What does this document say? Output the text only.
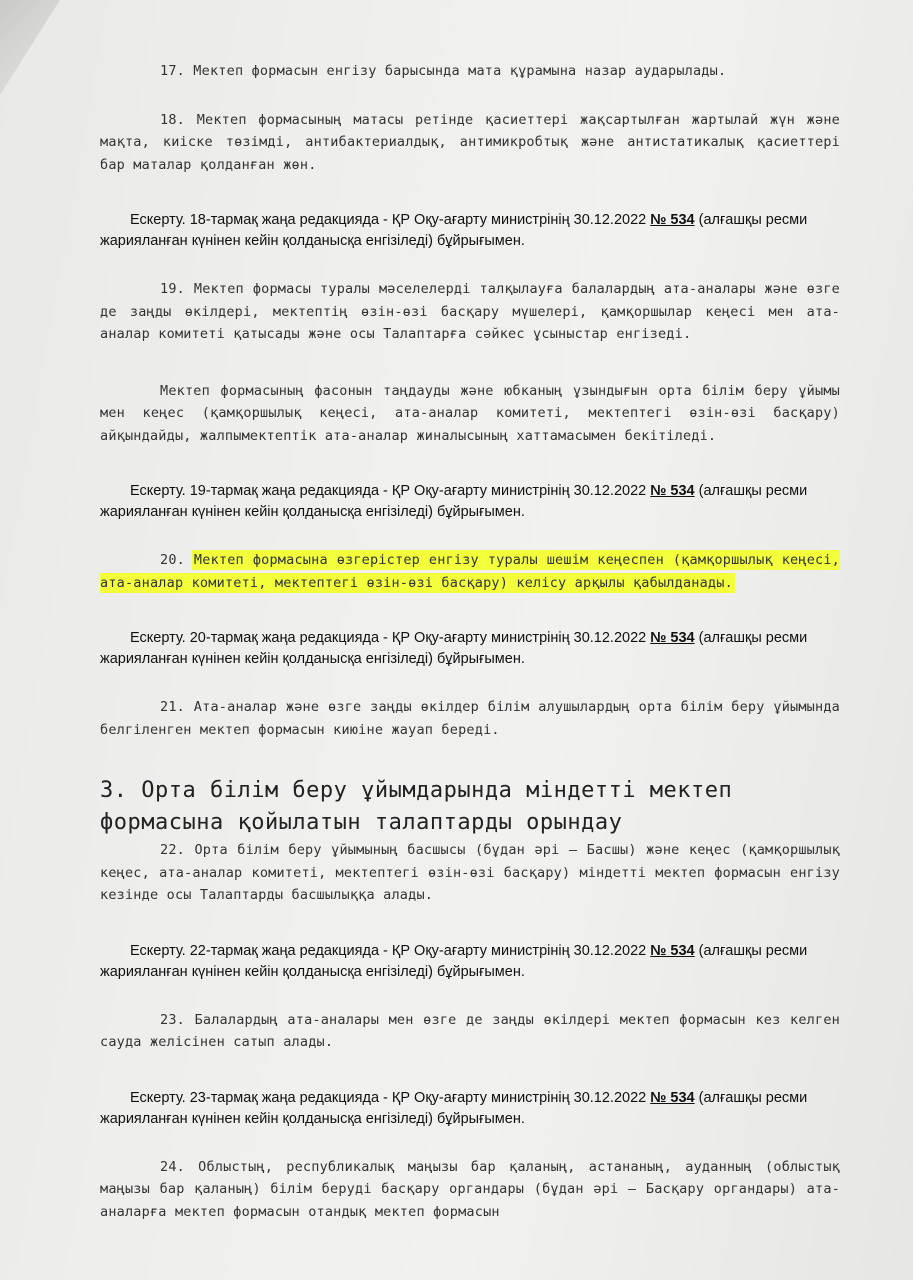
17. Мектеп формасын енгізу барысында мата құрамына назар аударылады.

18. Мектеп формасының матасы ретінде қасиеттері жақсартылған жартылай жүн және мақта, киіске төзімді, антибактериалдық, антимикробтық және антистатикалық қасиеттері бар маталар қолданған жөн.

Ескерту. 18-тармақ жаңа редакцияда - ҚР Оқу-ағарту министрінің 30.12.2022 № 534 (алғашқы ресми жарияланған күнінен кейін қолданысқа енгізіледі) бұйрығымен.

19. Мектеп формасы туралы мәселелерді талқылауға балалардың ата-аналары және өзге де заңды өкілдері, мектептің өзін-өзі басқару мүшелері, қамқоршылар кеңесі мен ата-аналар комитеті қатысады және осы Талаптарға сәйкес ұсыныстар енгізеді.

Мектеп формасының фасонын таңдауды және юбканың ұзындығын орта білім беру ұйымы мен кеңес (қамқоршылық кеңесі, ата-аналар комитеті, мектептегі өзін-өзі басқару) айқындайды, жалпымектептік ата-аналар жиналысының хаттамасымен бекітіледі.

Ескерту. 19-тармақ жаңа редакцияда - ҚР Оқу-ағарту министрінің 30.12.2022 № 534 (алғашқы ресми жарияланған күнінен кейін қолданысқа енгізіледі) бұйрығымен.

20. Мектеп формасына өзгерістер енгізу туралы шешім кеңеспен (қамқоршылық кеңесі, ата-аналар комитеті, мектептегі өзін-өзі басқару) келісу арқылы қабылданады.

Ескерту. 20-тармақ жаңа редакцияда - ҚР Оқу-ағарту министрінің 30.12.2022 № 534 (алғашқы ресми жарияланған күнінен кейін қолданысқа енгізіледі) бұйрығымен.

21. Ата-аналар және өзге заңды өкілдер білім алушылардың орта білім беру ұйымында белгіленген мектеп формасын киюіне жауап береді.

3. Орта білім беру ұйымдарында міндетті мектеп формасына қойылатын талаптарды орындау

22. Орта білім беру ұйымының басшысы (бұдан әрі – Басшы) және кеңес (қамқоршылық кеңес, ата-аналар комитеті, мектептегі өзін-өзі басқару) міндетті мектеп формасын енгізу кезінде осы Талаптарды басшылыққа алады.

Ескерту. 22-тармақ жаңа редакцияда - ҚР Оқу-ағарту министрінің 30.12.2022 № 534 (алғашқы ресми жарияланған күнінен кейін қолданысқа енгізіледі) бұйрығымен.

23. Балалардың ата-аналары мен өзге де заңды өкілдері мектеп формасын кез келген сауда желісінен сатып алады.

Ескерту. 23-тармақ жаңа редакцияда - ҚР Оқу-ағарту министрінің 30.12.2022 № 534 (алғашқы ресми жарияланған күнінен кейін қолданысқа енгізіледі) бұйрығымен.

24. Облыстың, республикалық маңызы бар қаланың, астананың, ауданның (облыстық маңызы бар қаланың) білім беруді басқару органдары (бұдан әрі – Басқару органдары) ата-аналарға мектеп формасын отандық мектеп формасын
